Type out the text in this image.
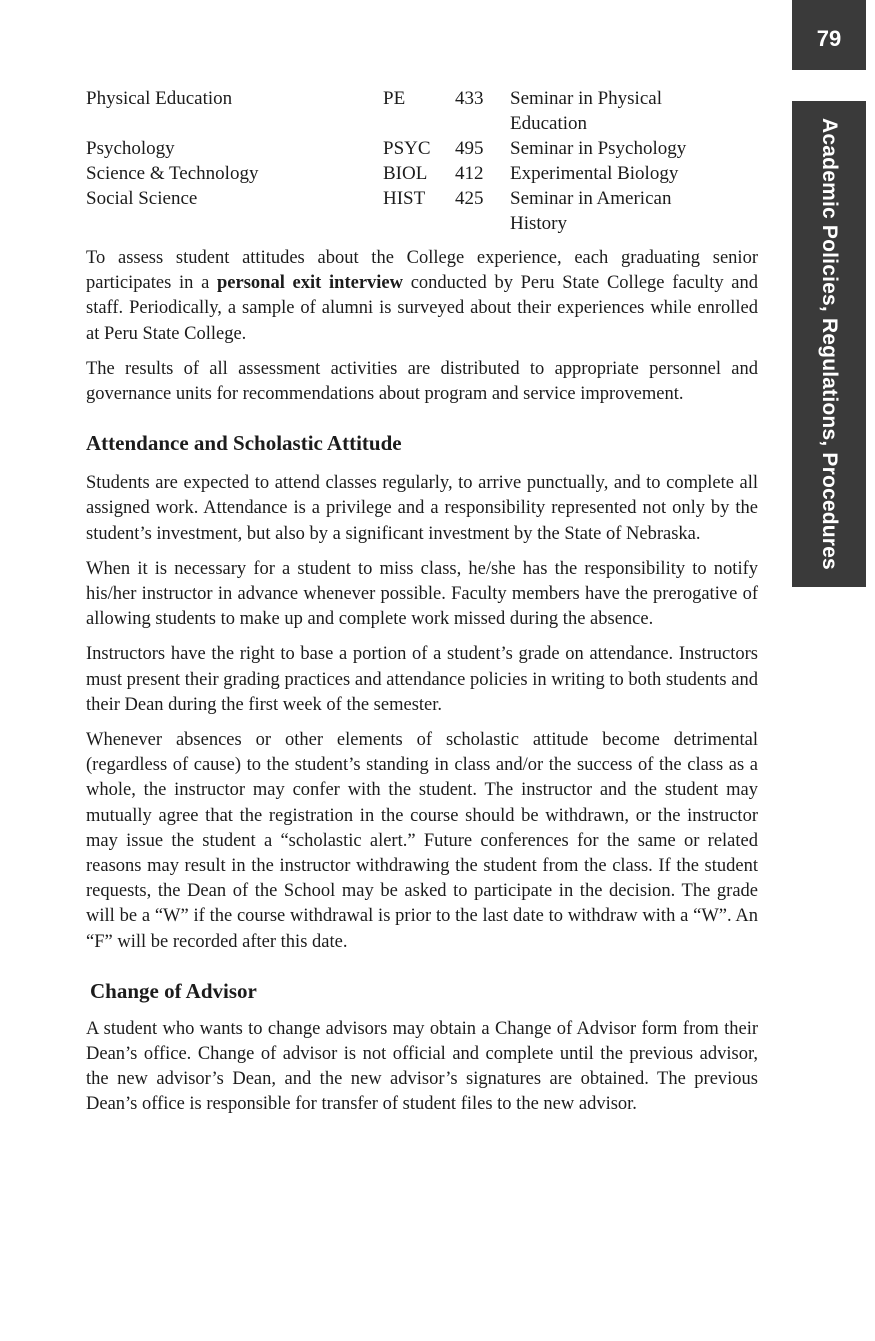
79
Academic Policies, Regulations, Procedures
Physical Education	PE	433	Seminar in Physical Education
Psychology	PSYC	495	Seminar in Psychology
Science & Technology	BIOL	412	Experimental Biology
Social Science	HIST	425	Seminar in American History

To assess student attitudes about the College experience, each graduating senior participates in a personal exit interview conducted by Peru State College faculty and staff. Periodically, a sample of alumni is surveyed about their experiences while enrolled at Peru State College.

The results of all assessment activities are distributed to appropriate personnel and governance units for recommendations about program and service improvement.

Attendance and Scholastic Attitude

Students are expected to attend classes regularly, to arrive punctually, and to complete all assigned work. Attendance is a privilege and a responsibility represented not only by the student’s investment, but also by a significant investment by the State of Nebraska.

When it is necessary for a student to miss class, he/she has the responsibility to notify his/her instructor in advance whenever possible. Faculty members have the prerogative of allowing students to make up and complete work missed during the absence.

Instructors have the right to base a portion of a student’s grade on attendance. Instructors must present their grading practices and attendance policies in writing to both students and their Dean during the first week of the semester.

Whenever absences or other elements of scholastic attitude become detrimental (regardless of cause) to the student’s standing in class and/or the success of the class as a whole, the instructor may confer with the student. The instructor and the student may mutually agree that the registration in the course should be withdrawn, or the instructor may issue the student a “scholastic alert.” Future conferences for the same or related reasons may result in the instructor withdrawing the student from the class. If the student requests, the Dean of the School may be asked to participate in the decision. The grade will be a “W” if the course withdrawal is prior to the last date to withdraw with a “W”. An “F” will be recorded after this date.

Change of Advisor

A student who wants to change advisors may obtain a Change of Advisor form from their Dean’s office. Change of advisor is not official and complete until the previous advisor, the new advisor’s Dean, and the new advisor’s signatures are obtained. The previous Dean’s office is responsible for transfer of student files to the new advisor.
